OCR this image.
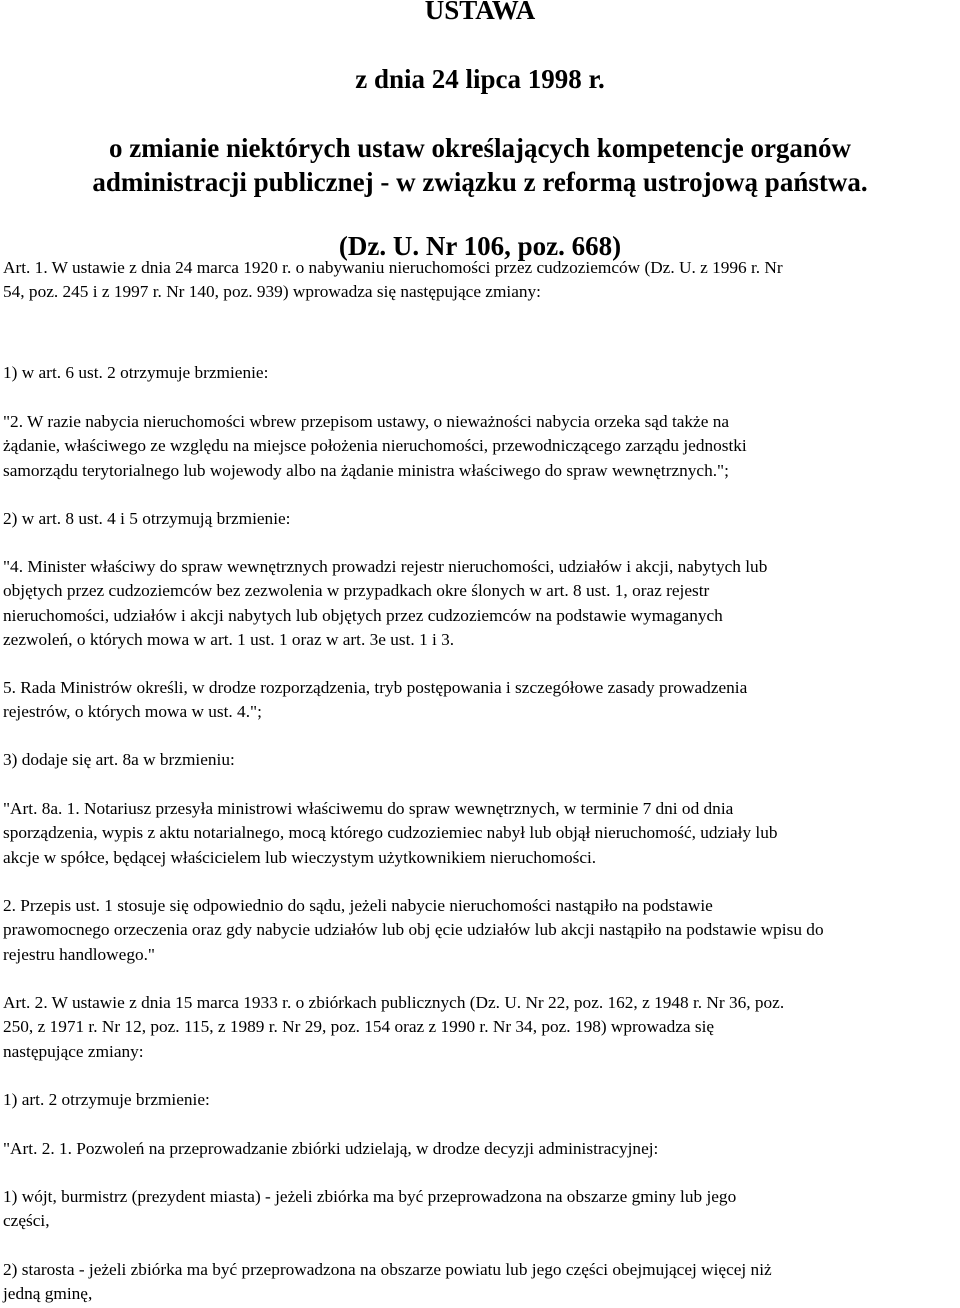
USTAWA
z dnia 24 lipca 1998 r.
o zmianie niektórych ustaw określających kompetencje organów
administracji publicznej - w związku z reformą ustrojową państwa.
(Dz. U. Nr 106, poz. 668)

Art. 1. W ustawie z dnia 24 marca 1920 r. o nabywaniu nieruchomości przez cudzoziemców (Dz. U. z 1996 r. Nr
54, poz. 245 i z 1997 r. Nr 140, poz. 939) wprowadza się następujące zmiany:

1) w art. 6 ust. 2 otrzymuje brzmienie:

"2. W razie nabycia nieruchomości wbrew przepisom ustawy, o nieważności nabycia orzeka sąd także na
żądanie, właściwego ze względu na miejsce położenia nieruchomości, przewodniczącego zarządu jednostki
samorządu terytorialnego lub wojewody albo na żądanie ministra właściwego do spraw wewnętrznych.";

2) w art. 8 ust. 4 i 5 otrzymują brzmienie:

"4. Minister właściwy do spraw wewnętrznych prowadzi rejestr nieruchomości, udziałów i akcji, nabytych lub
objętych przez cudzoziemców bez zezwolenia w przypadkach okre ślonych w art. 8 ust. 1, oraz rejestr
nieruchomości, udziałów i akcji nabytych lub objętych przez cudzoziemców na podstawie wymaganych
zezwoleń, o których mowa w art. 1 ust. 1 oraz w art. 3e ust. 1 i 3.

5. Rada Ministrów określi, w drodze rozporządzenia, tryb postępowania i szczegółowe zasady prowadzenia
rejestrów, o których mowa w ust. 4.";

3) dodaje się art. 8a w brzmieniu:

"Art. 8a. 1. Notariusz przesyła ministrowi właściwemu do spraw wewnętrznych, w terminie 7 dni od dnia
sporządzenia, wypis z aktu notarialnego, mocą którego cudzoziemiec nabył lub objął nieruchomość, udziały lub
akcje w spółce, będącej właścicielem lub wieczystym użytkownikiem nieruchomości.

2. Przepis ust. 1 stosuje się odpowiednio do sądu, jeżeli nabycie nieruchomości nastąpiło na podstawie
prawomocnego orzeczenia oraz gdy nabycie udziałów lub obj ęcie udziałów lub akcji nastąpiło na podstawie wpisu do
rejestru handlowego."

Art. 2. W ustawie z dnia 15 marca 1933 r. o zbiórkach publicznych (Dz. U. Nr 22, poz. 162, z 1948 r. Nr 36, poz.
250, z 1971 r. Nr 12, poz. 115, z 1989 r. Nr 29, poz. 154 oraz z 1990 r. Nr 34, poz. 198) wprowadza się
następujące zmiany:

1) art. 2 otrzymuje brzmienie:

"Art. 2. 1. Pozwoleń na przeprowadzanie zbiórki udzielają, w drodze decyzji administracyjnej:

1) wójt, burmistrz (prezydent miasta) - jeżeli zbiórka ma być przeprowadzona na obszarze gminy lub jego
części,

2) starosta - jeżeli zbiórka ma być przeprowadzona na obszarze powiatu lub jego części obejmującej więcej niż
jedną gminę,
